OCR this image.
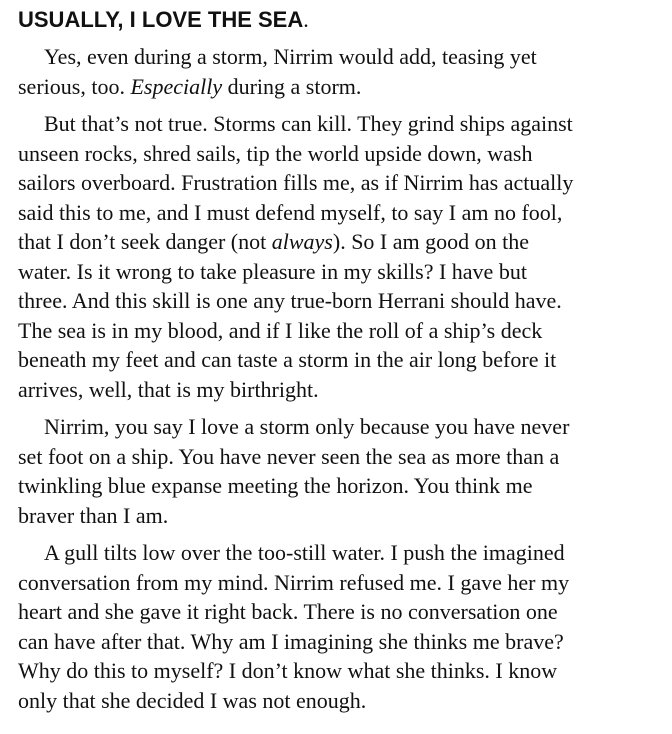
USUALLY, I LOVE THE SEA.
Yes, even during a storm, Nirrim would add, teasing yet
serious, too. Especially during a storm.
But that’s not true. Storms can kill. They grind ships against
unseen rocks, shred sails, tip the world upside down, wash
sailors overboard. Frustration fills me, as if Nirrim has actually
said this to me, and I must defend myself, to say I am no fool,
that I don’t seek danger (not always). So I am good on the
water. Is it wrong to take pleasure in my skills? I have but
three. And this skill is one any true-born Herrani should have.
The sea is in my blood, and if I like the roll of a ship’s deck
beneath my feet and can taste a storm in the air long before it
arrives, well, that is my birthright.
Nirrim, you say I love a storm only because you have never
set foot on a ship. You have never seen the sea as more than a
twinkling blue expanse meeting the horizon. You think me
braver than I am.
A gull tilts low over the too-still water. I push the imagined
conversation from my mind. Nirrim refused me. I gave her my
heart and she gave it right back. There is no conversation one
can have after that. Why am I imagining she thinks me brave?
Why do this to myself? I don’t know what she thinks. I know
only that she decided I was not enough.
